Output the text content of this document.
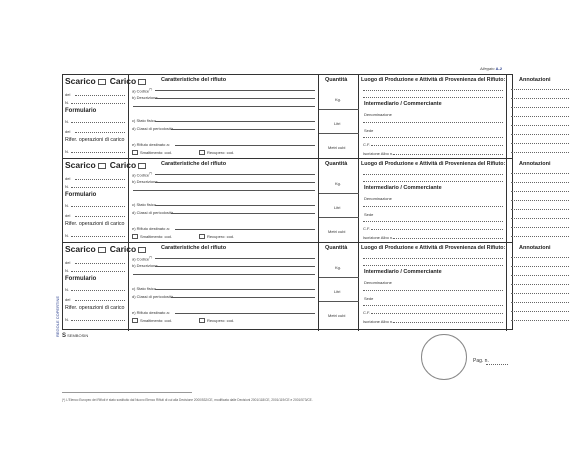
Allegato A-2
Scarico Carico
del
N.
Formulario
N.
del
Rifer. operazioni di carico
N.
Caratteristiche del rifiuto
a) Codice(*)
b) Descrizione
c) Stato fisico
d) Classi di pericolosità
e) Rifiuto destinato a:
Smaltimento: cod.	Recupero: cod.
Quantità
Kg.
Litri
Metri cubi
Luogo di Produzione e Attività di Provenienza del Rifiuto:
Intermediario / Commerciante
Denominazione
Sede
C.F.
Iscrizione Albo n.
Annotazioni
Scarico Carico
del
N.
Formulario
N.
del
Rifer. operazioni di carico
N.
Caratteristiche del rifiuto
a) Codice(*)
b) Descrizione
c) Stato fisico
d) Classi di pericolosità
e) Rifiuto destinato a:
Smaltimento: cod.	Recupero: cod.
Quantità
Kg.
Litri
Metri cubi
Luogo di Produzione e Attività di Provenienza del Rifiuto:
Intermediario / Commerciante
Denominazione
Sede
C.F.
Iscrizione Albo n.
Annotazioni
Scarico Carico
del
N.
Formulario
N.
del
Rifer. operazioni di carico
N.
Caratteristiche del rifiuto
a) Codice(*)
b) Descrizione
c) Stato fisico
d) Classi di pericolosità
e) Rifiuto destinato a:
Smaltimento: cod.	Recupero: cod.
Quantità
Kg.
Litri
Metri cubi
Luogo di Produzione e Attività di Provenienza del Rifiuto:
Intermediario / Commerciante
Denominazione
Sede
C.F.
Iscrizione Albo n.
Annotazioni
REGOLE COPERTINE S SEMBOSIN
Pag. n.
(*) L'Elenco Europeo dei Rifiuti è stato sostituito dal Nuovo Elenco Rifiuti di cui alla Decisione 2000/532/CE, modificata dalle Decisioni 2001/118/CE, 2001/119/CE e 2001/573/CE.
